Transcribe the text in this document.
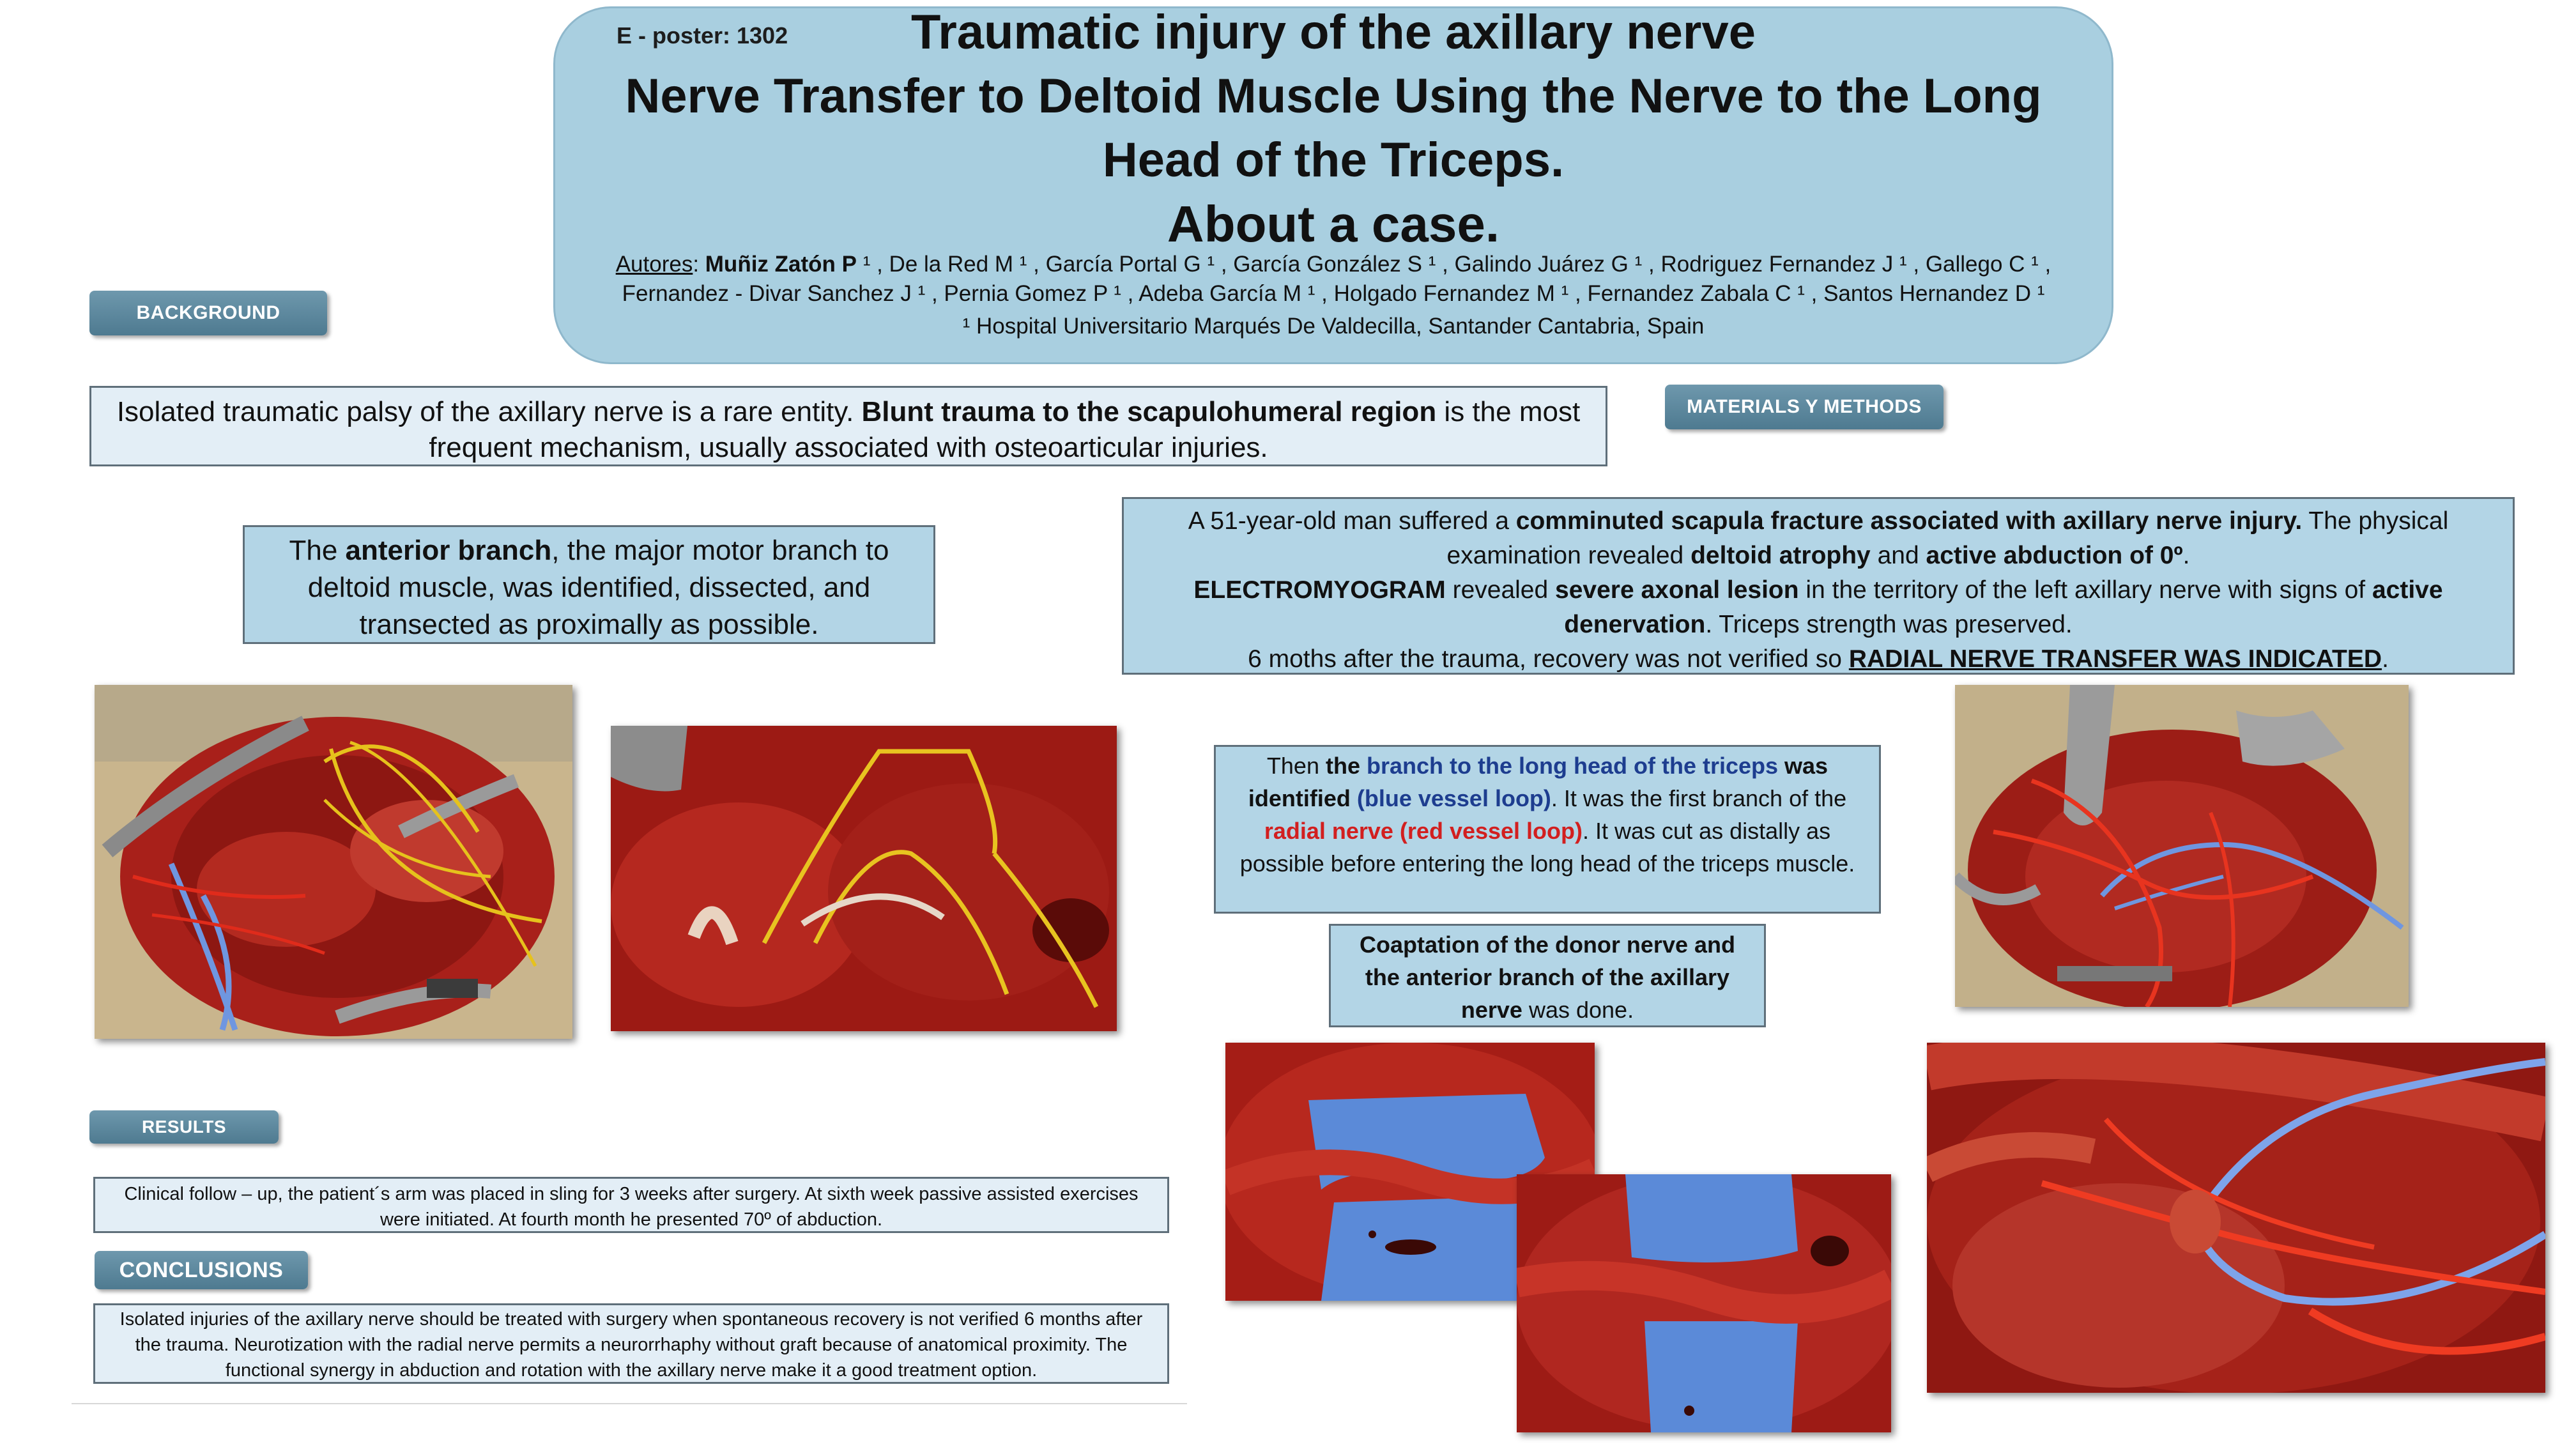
E - poster: 1302	Traumatic injury of the axillary nerve
Nerve Transfer to Deltoid Muscle Using the Nerve to the Long
Head of the Triceps.
About a case.
Autores: Muñiz Zatón P ¹ , De la Red M ¹ , García Portal G ¹ , García González S ¹ , Galindo Juárez G ¹ , Rodriguez Fernandez J ¹ , Gallego C ¹ , Fernandez - Divar Sanchez J ¹ , Pernia Gomez P ¹ , Adeba García M ¹ , Holgado Fernandez M ¹ , Fernandez Zabala C ¹ , Santos Hernandez D ¹
¹ Hospital Universitario Marqués De Valdecilla, Santander Cantabria, Spain
BACKGROUND
MATERIALS Y METHODS
RESULTS
CONCLUSIONS
Isolated traumatic palsy of the axillary nerve is a rare entity. Blunt trauma to the scapulohumeral region is the most frequent mechanism, usually associated with osteoarticular injuries.
The anterior branch, the major motor branch to deltoid muscle, was identified, dissected, and transected as proximally as possible.
A 51-year-old man suffered a comminuted scapula fracture associated with axillary nerve injury. The physical examination revealed deltoid atrophy and active abduction of 0º.
ELECTROMYOGRAM revealed severe axonal lesion in the territory of the left axillary nerve with signs of active denervation. Triceps strength was preserved.
6 moths after the trauma, recovery was not verified so RADIAL NERVE TRANSFER WAS INDICATED.
Then the branch to the long head of the triceps was identified (blue vessel loop). It was the first branch of the radial nerve (red vessel loop). It was cut as distally as possible before entering the long head of the triceps muscle.
Coaptation of the donor nerve and the anterior branch of the axillary nerve was done.
Clinical follow – up, the patient´s arm was placed in sling for 3 weeks after surgery. At sixth week passive assisted exercises were initiated. At fourth month he presented 70º of abduction.
Isolated injuries of the axillary nerve should be treated with surgery when spontaneous recovery is not verified 6 months after the trauma. Neurotization with the radial nerve permits a neurorrhaphy without graft because of anatomical proximity. The functional synergy in abduction and rotation with the axillary nerve make it a good treatment option.
